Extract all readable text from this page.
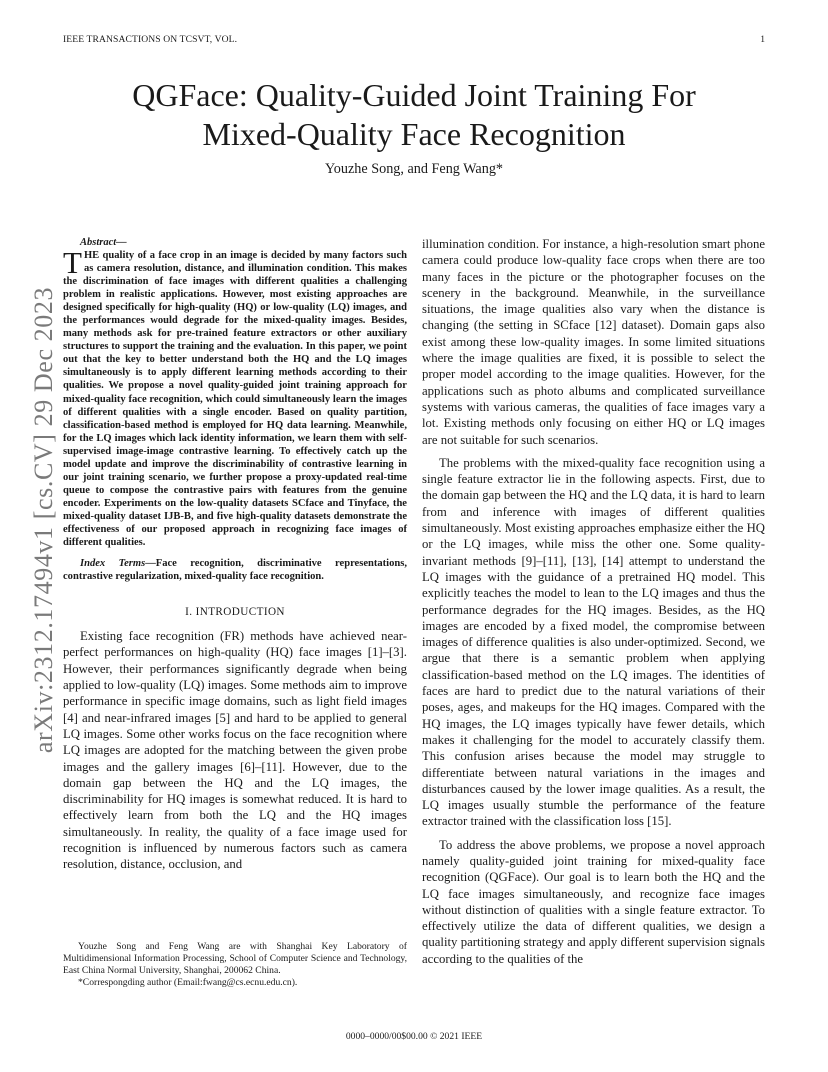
IEEE TRANSACTIONS ON TCSVT, VOL.	1
arXiv:2312.17494v1 [cs.CV] 29 Dec 2023
QGFace: Quality-Guided Joint Training For Mixed-Quality Face Recognition
Youzhe Song, and Feng Wang*
Abstract—

THE quality of a face crop in an image is decided by many factors such as camera resolution, distance, and illumination condition. This makes the discrimination of face images with different qualities a challenging problem in realistic applications. However, most existing approaches are designed specifically for high-quality (HQ) or low-quality (LQ) images, and the performances would degrade for the mixed-quality images. Besides, many methods ask for pre-trained feature extractors or other auxiliary structures to support the training and the evaluation. In this paper, we point out that the key to better understand both the HQ and the LQ images simultaneously is to apply different learning methods according to their qualities. We propose a novel quality-guided joint training approach for mixed-quality face recognition, which could simultaneously learn the images of different qualities with a single encoder. Based on quality partition, classification-based method is employed for HQ data learning. Meanwhile, for the LQ images which lack identity information, we learn them with self-supervised image-image contrastive learning. To effectively catch up the model update and improve the discriminability of contrastive learning in our joint training scenario, we further propose a proxy-updated real-time queue to compose the contrastive pairs with features from the genuine encoder. Experiments on the low-quality datasets SCface and Tinyface, the mixed-quality dataset IJB-B, and five high-quality datasets demonstrate the effectiveness of our proposed approach in recognizing face images of different qualities.

Index Terms—Face recognition, discriminative representations, contrastive regularization, mixed-quality face recognition.

I. INTRODUCTION

Existing face recognition (FR) methods have achieved near-perfect performances on high-quality (HQ) face images [1]–[3]. However, their performances significantly degrade when being applied to low-quality (LQ) images. Some methods aim to improve performance in specific image domains, such as light field images [4] and near-infrared images [5] and hard to be applied to general LQ images. Some other works focus on the face recognition where LQ images are adopted for the matching between the given probe images and the gallery images [6]–[11]. However, due to the domain gap between the HQ and the LQ images, the discriminability for HQ images is somewhat reduced. It is hard to effectively learn from both the LQ and the HQ images simultaneously. In reality, the quality of a face image used for recognition is influenced by numerous factors such as camera resolution, distance, occlusion, and

illumination condition. For instance, a high-resolution smart phone camera could produce low-quality face crops when there are too many faces in the picture or the photographer focuses on the scenery in the background. Meanwhile, in the surveillance situations, the image qualities also vary when the distance is changing (the setting in SCface [12] dataset). Domain gaps also exist among these low-quality images. In some limited situations where the image qualities are fixed, it is possible to select the proper model according to the image qualities. However, for the applications such as photo albums and complicated surveillance systems with various cameras, the qualities of face images vary a lot. Existing methods only focusing on either HQ or LQ images are not suitable for such scenarios.

The problems with the mixed-quality face recognition using a single feature extractor lie in the following aspects. First, due to the domain gap between the HQ and the LQ data, it is hard to learn from and inference with images of different qualities simultaneously. Most existing approaches emphasize either the HQ or the LQ images, while miss the other one. Some quality-invariant methods [9]–[11], [13], [14] attempt to understand the LQ images with the guidance of a pretrained HQ model. This explicitly teaches the model to lean to the LQ images and thus the performance degrades for the HQ images. Besides, as the HQ images are encoded by a fixed model, the compromise between images of difference qualities is also under-optimized. Second, we argue that there is a semantic problem when applying classification-based method on the LQ images. The identities of faces are hard to predict due to the natural variations of their poses, ages, and makeups for the HQ images. Compared with the HQ images, the LQ images typically have fewer details, which makes it challenging for the model to accurately classify them. This confusion arises because the model may struggle to differentiate between natural variations in the images and disturbances caused by the lower image qualities. As a result, the LQ images usually stumble the performance of the feature extractor trained with the classification loss [15].

To address the above problems, we propose a novel approach namely quality-guided joint training for mixed-quality face recognition (QGFace). Our goal is to learn both the HQ and the LQ face images simultaneously, and recognize face images without distinction of qualities with a single feature extractor. To effectively utilize the data of different qualities, we design a quality partitioning strategy and apply different supervision signals according to the qualities of the

Youzhe Song and Feng Wang are with Shanghai Key Laboratory of Multidimensional Information Processing, School of Computer Science and Technology, East China Normal University, Shanghai, 200062 China.

*Correspongding author (Email:fwang@cs.ecnu.edu.cn).

0000–0000/00$00.00 © 2021 IEEE
